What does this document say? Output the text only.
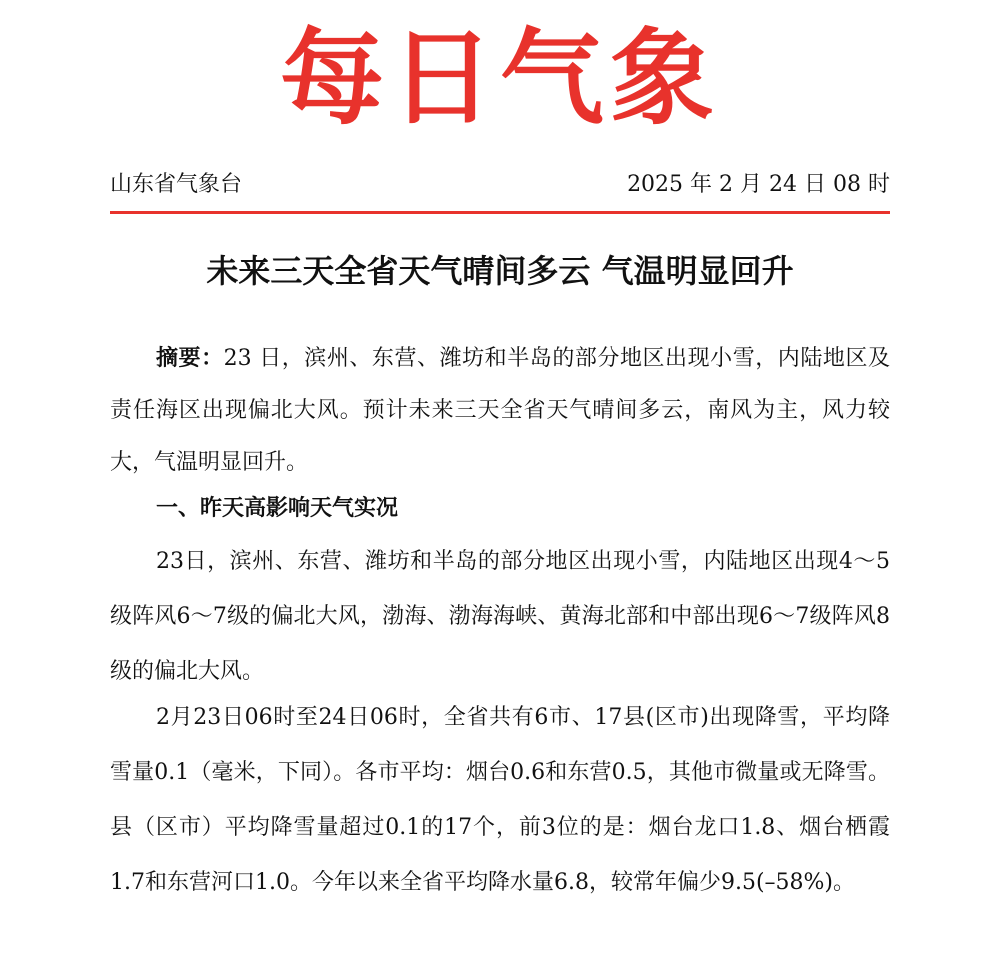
每日气象
山东省气象台	2025 年 2 月 24 日 08 时
未来三天全省天气晴间多云 气温明显回升
摘要：23 日，滨州、东营、潍坊和半岛的部分地区出现小雪，内陆地区及责任海区出现偏北大风。预计未来三天全省天气晴间多云，南风为主，风力较大，气温明显回升。
一、昨天高影响天气实况
23日，滨州、东营、潍坊和半岛的部分地区出现小雪，内陆地区出现4～5级阵风6～7级的偏北大风，渤海、渤海海峡、黄海北部和中部出现6～7级阵风8级的偏北大风。
2月23日06时至24日06时，全省共有6市、17县(区市)出现降雪，平均降雪量0.1（毫米，下同）。各市平均：烟台0.6和东营0.5，其他市微量或无降雪。县（区市）平均降雪量超过0.1的17个，前3位的是：烟台龙口1.8、烟台栖霞1.7和东营河口1.0。今年以来全省平均降水量6.8，较常年偏少9.5(–58%)。
